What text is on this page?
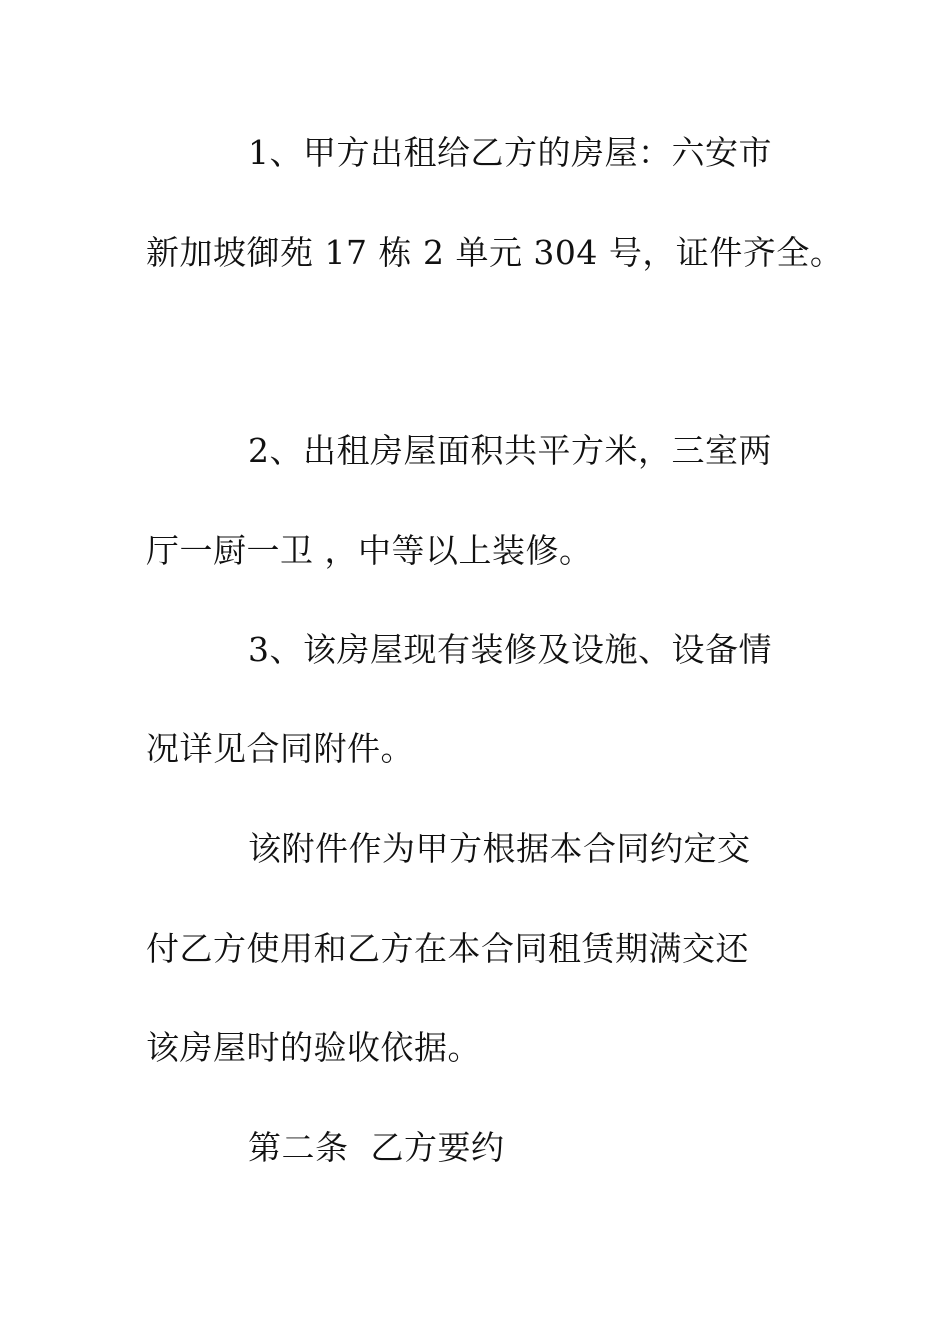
1、甲方出租给乙方的房屋：六安市
新加坡御苑 17 栋 2 单元 304 号，证件齐全。
2、出租房屋面积共平方米，三室两
厅一厨一卫 ，中等以上装修。
3、该房屋现有装修及设施、设备情
况详见合同附件。
该附件作为甲方根据本合同约定交
付乙方使用和乙方在本合同租赁期满交还
该房屋时的验收依据。
第二条  乙方要约
